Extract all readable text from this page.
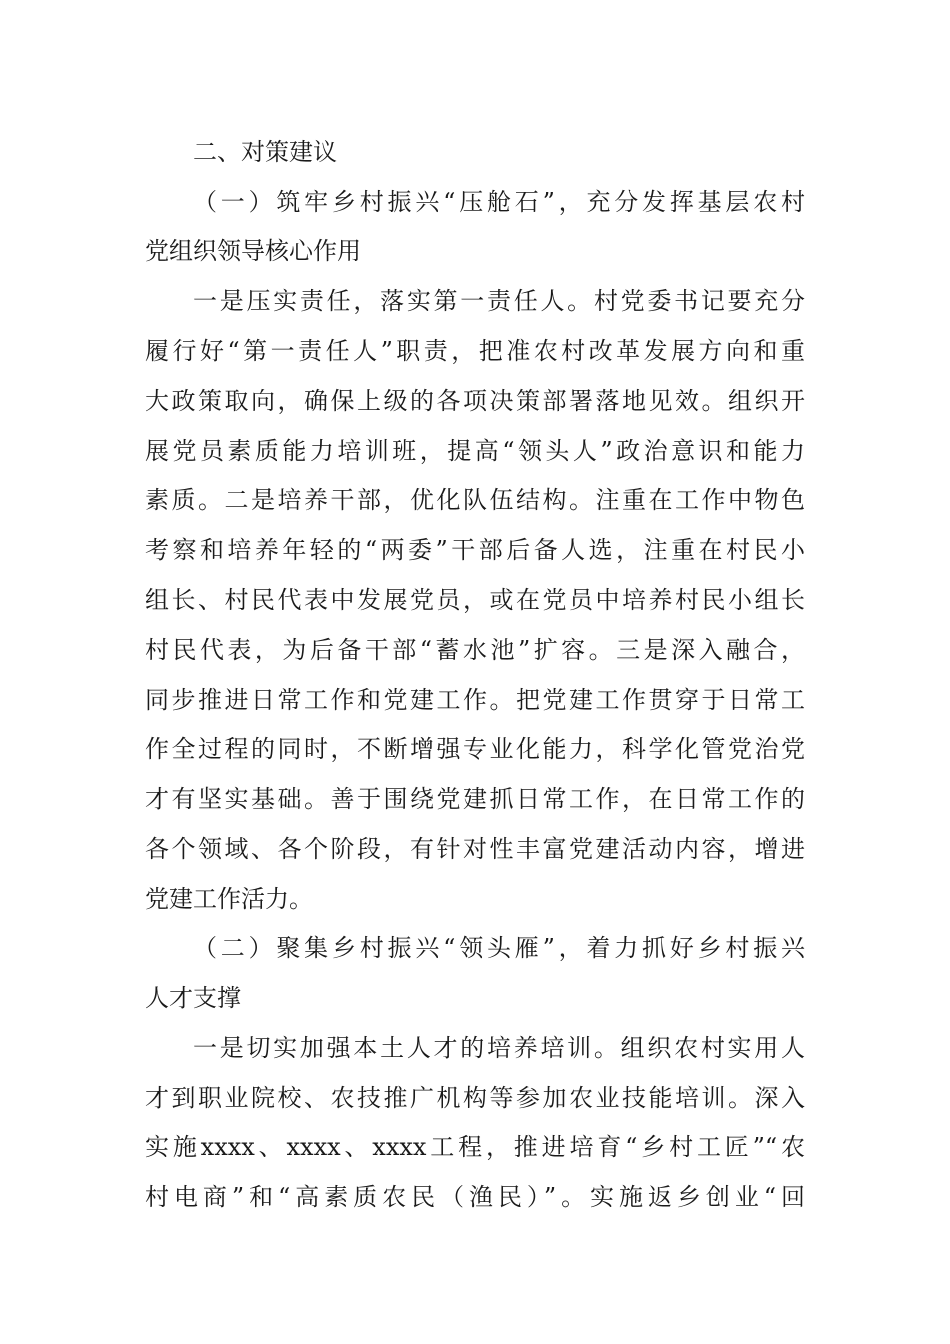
二、对策建议

（一）筑牢乡村振兴“压舱石”，充分发挥基层农村

党组织领导核心作用

一是压实责任，落实第一责任人。村党委书记要充分

履行好“第一责任人”职责，把准农村改革发展方向和重

大政策取向，确保上级的各项决策部署落地见效。组织开

展党员素质能力培训班，提高“领头人”政治意识和能力

素质。二是培养干部，优化队伍结构。注重在工作中物色

考察和培养年轻的“两委”干部后备人选，注重在村民小

组长、村民代表中发展党员，或在党员中培养村民小组长

村民代表，为后备干部“蓄水池”扩容。三是深入融合，

同步推进日常工作和党建工作。把党建工作贯穿于日常工

作全过程的同时，不断增强专业化能力，科学化管党治党

才有坚实基础。善于围绕党建抓日常工作，在日常工作的

各个领域、各个阶段，有针对性丰富党建活动内容，增进

党建工作活力。

（二）聚集乡村振兴“领头雁”，着力抓好乡村振兴

人才支撑

一是切实加强本土人才的培养培训。组织农村实用人

才到职业院校、农技推广机构等参加农业技能培训。深入

实施xxxx、xxxx、xxxx工程，推进培育“乡村工匠”“农

村电商”和“高素质农民（渔民）”。实施返乡创业“回
